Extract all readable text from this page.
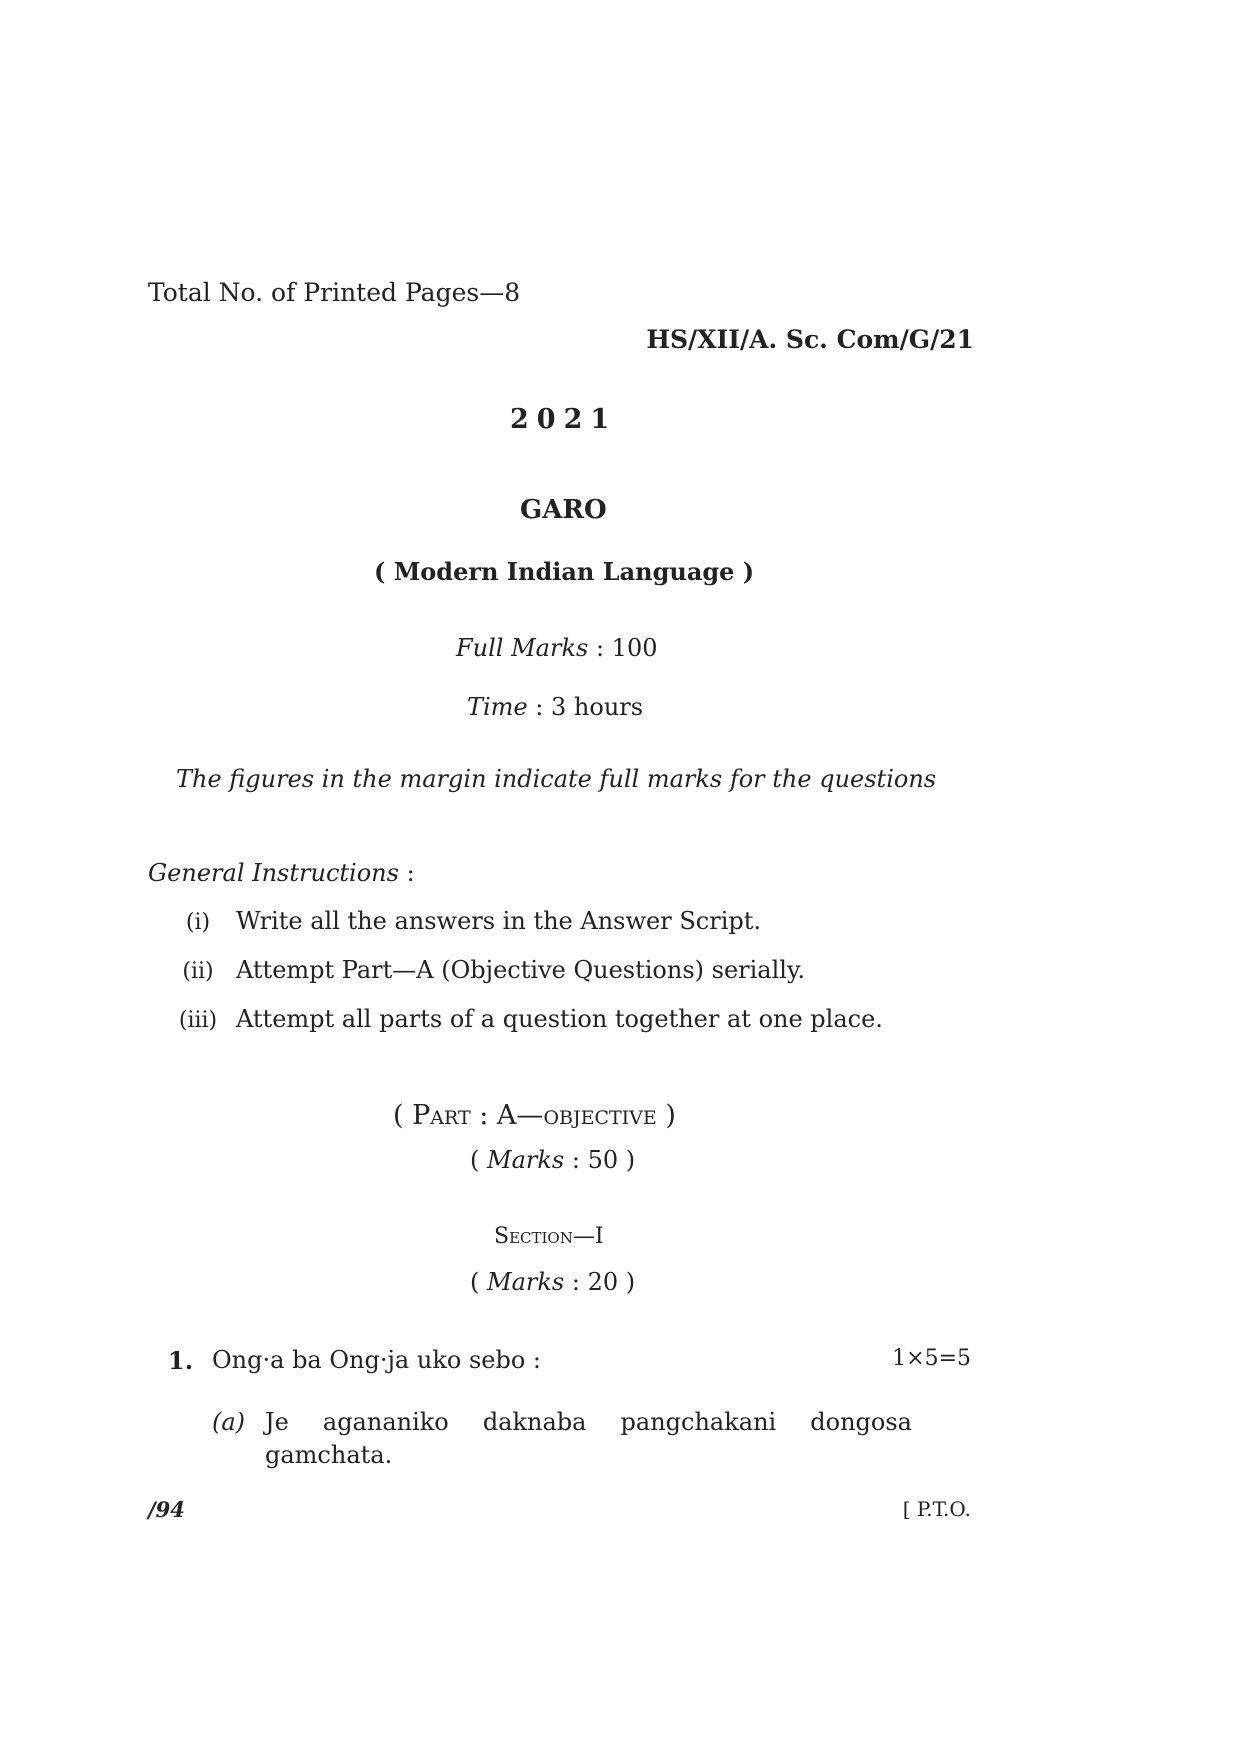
Total No. of Printed Pages—8
HS/XII/A. Sc. Com/G/21
2021
GARO
( Modern Indian Language )
Full Marks : 100
Time : 3 hours
The figures in the margin indicate full marks for the questions
General Instructions :
(i) Write all the answers in the Answer Script.
(ii) Attempt Part—A (Objective Questions) serially.
(iii) Attempt all parts of a question together at one place.
( Part : A—objective )
( Marks : 50 )
Section—I
( Marks : 20 )
1. Ong·a ba Ong·ja uko sebo :	1×5=5
(a) Je agananiko daknaba pangchakani dongosa
gamchata.
/94	[ P.T.O.
